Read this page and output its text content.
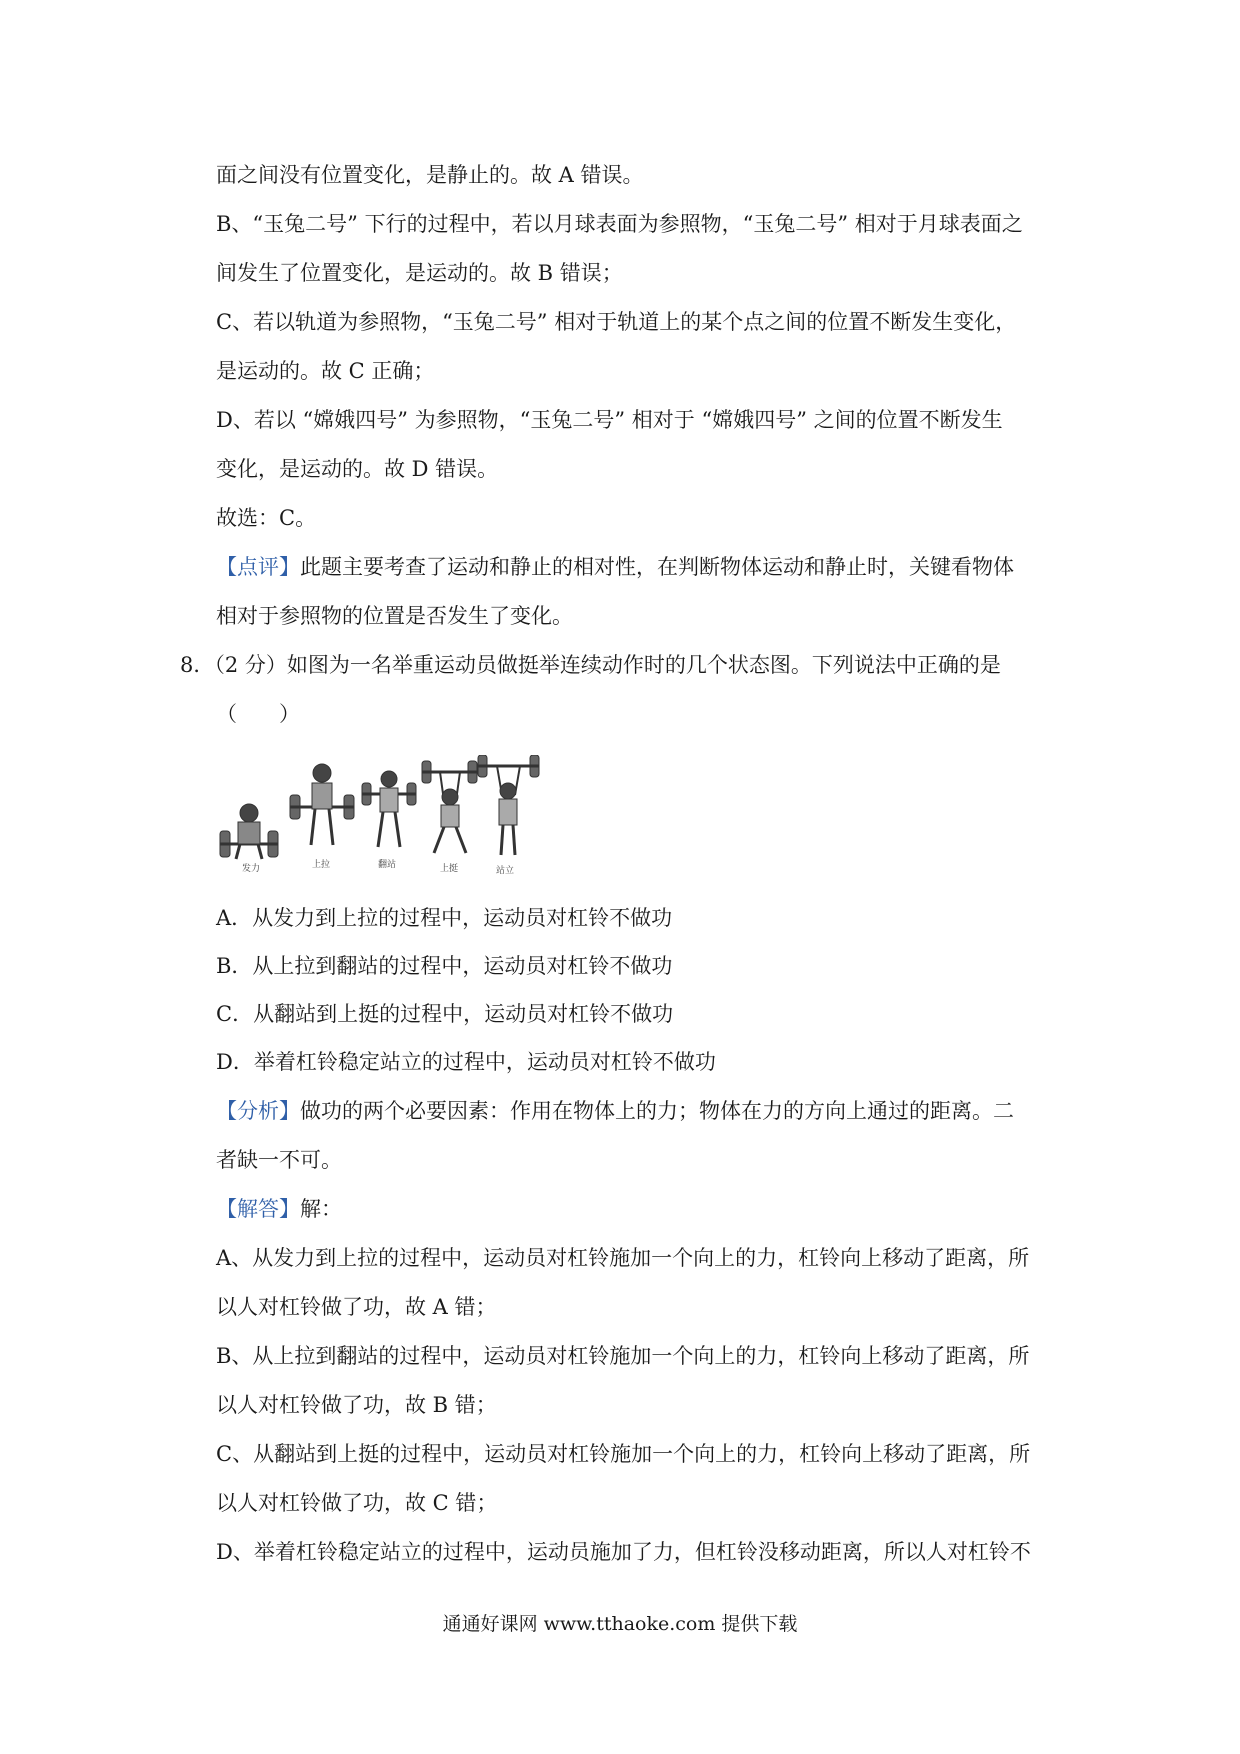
面之间没有位置变化，是静止的。故 A 错误。
B、“玉兔二号” 下行的过程中，若以月球表面为参照物，“玉兔二号” 相对于月球表面之
间发生了位置变化，是运动的。故 B 错误；
C、若以轨道为参照物，“玉兔二号” 相对于轨道上的某个点之间的位置不断发生变化，
是运动的。故 C 正确；
D、若以 “嫦娥四号” 为参照物，“玉兔二号” 相对于 “嫦娥四号” 之间的位置不断发生
变化，是运动的。故 D 错误。
故选：C。
【点评】此题主要考查了运动和静止的相对性，在判断物体运动和静止时，关键看物体
相对于参照物的位置是否发生了变化。
8．（2 分）如图为一名举重运动员做挺举连续动作时的几个状态图。下列说法中正确的是
（　　）
发力	上拉	翻站	上挺	站立
A．从发力到上拉的过程中，运动员对杠铃不做功
B．从上拉到翻站的过程中，运动员对杠铃不做功
C．从翻站到上挺的过程中，运动员对杠铃不做功
D．举着杠铃稳定站立的过程中，运动员对杠铃不做功
【分析】做功的两个必要因素：作用在物体上的力；物体在力的方向上通过的距离。二
者缺一不可。
【解答】解：
A、从发力到上拉的过程中，运动员对杠铃施加一个向上的力，杠铃向上移动了距离，所
以人对杠铃做了功，故 A 错；
B、从上拉到翻站的过程中，运动员对杠铃施加一个向上的力，杠铃向上移动了距离，所
以人对杠铃做了功，故 B 错；
C、从翻站到上挺的过程中，运动员对杠铃施加一个向上的力，杠铃向上移动了距离，所
以人对杠铃做了功，故 C 错；
D、举着杠铃稳定站立的过程中，运动员施加了力，但杠铃没移动距离，所以人对杠铃不
通通好课网 www.tthaoke.com 提供下载
